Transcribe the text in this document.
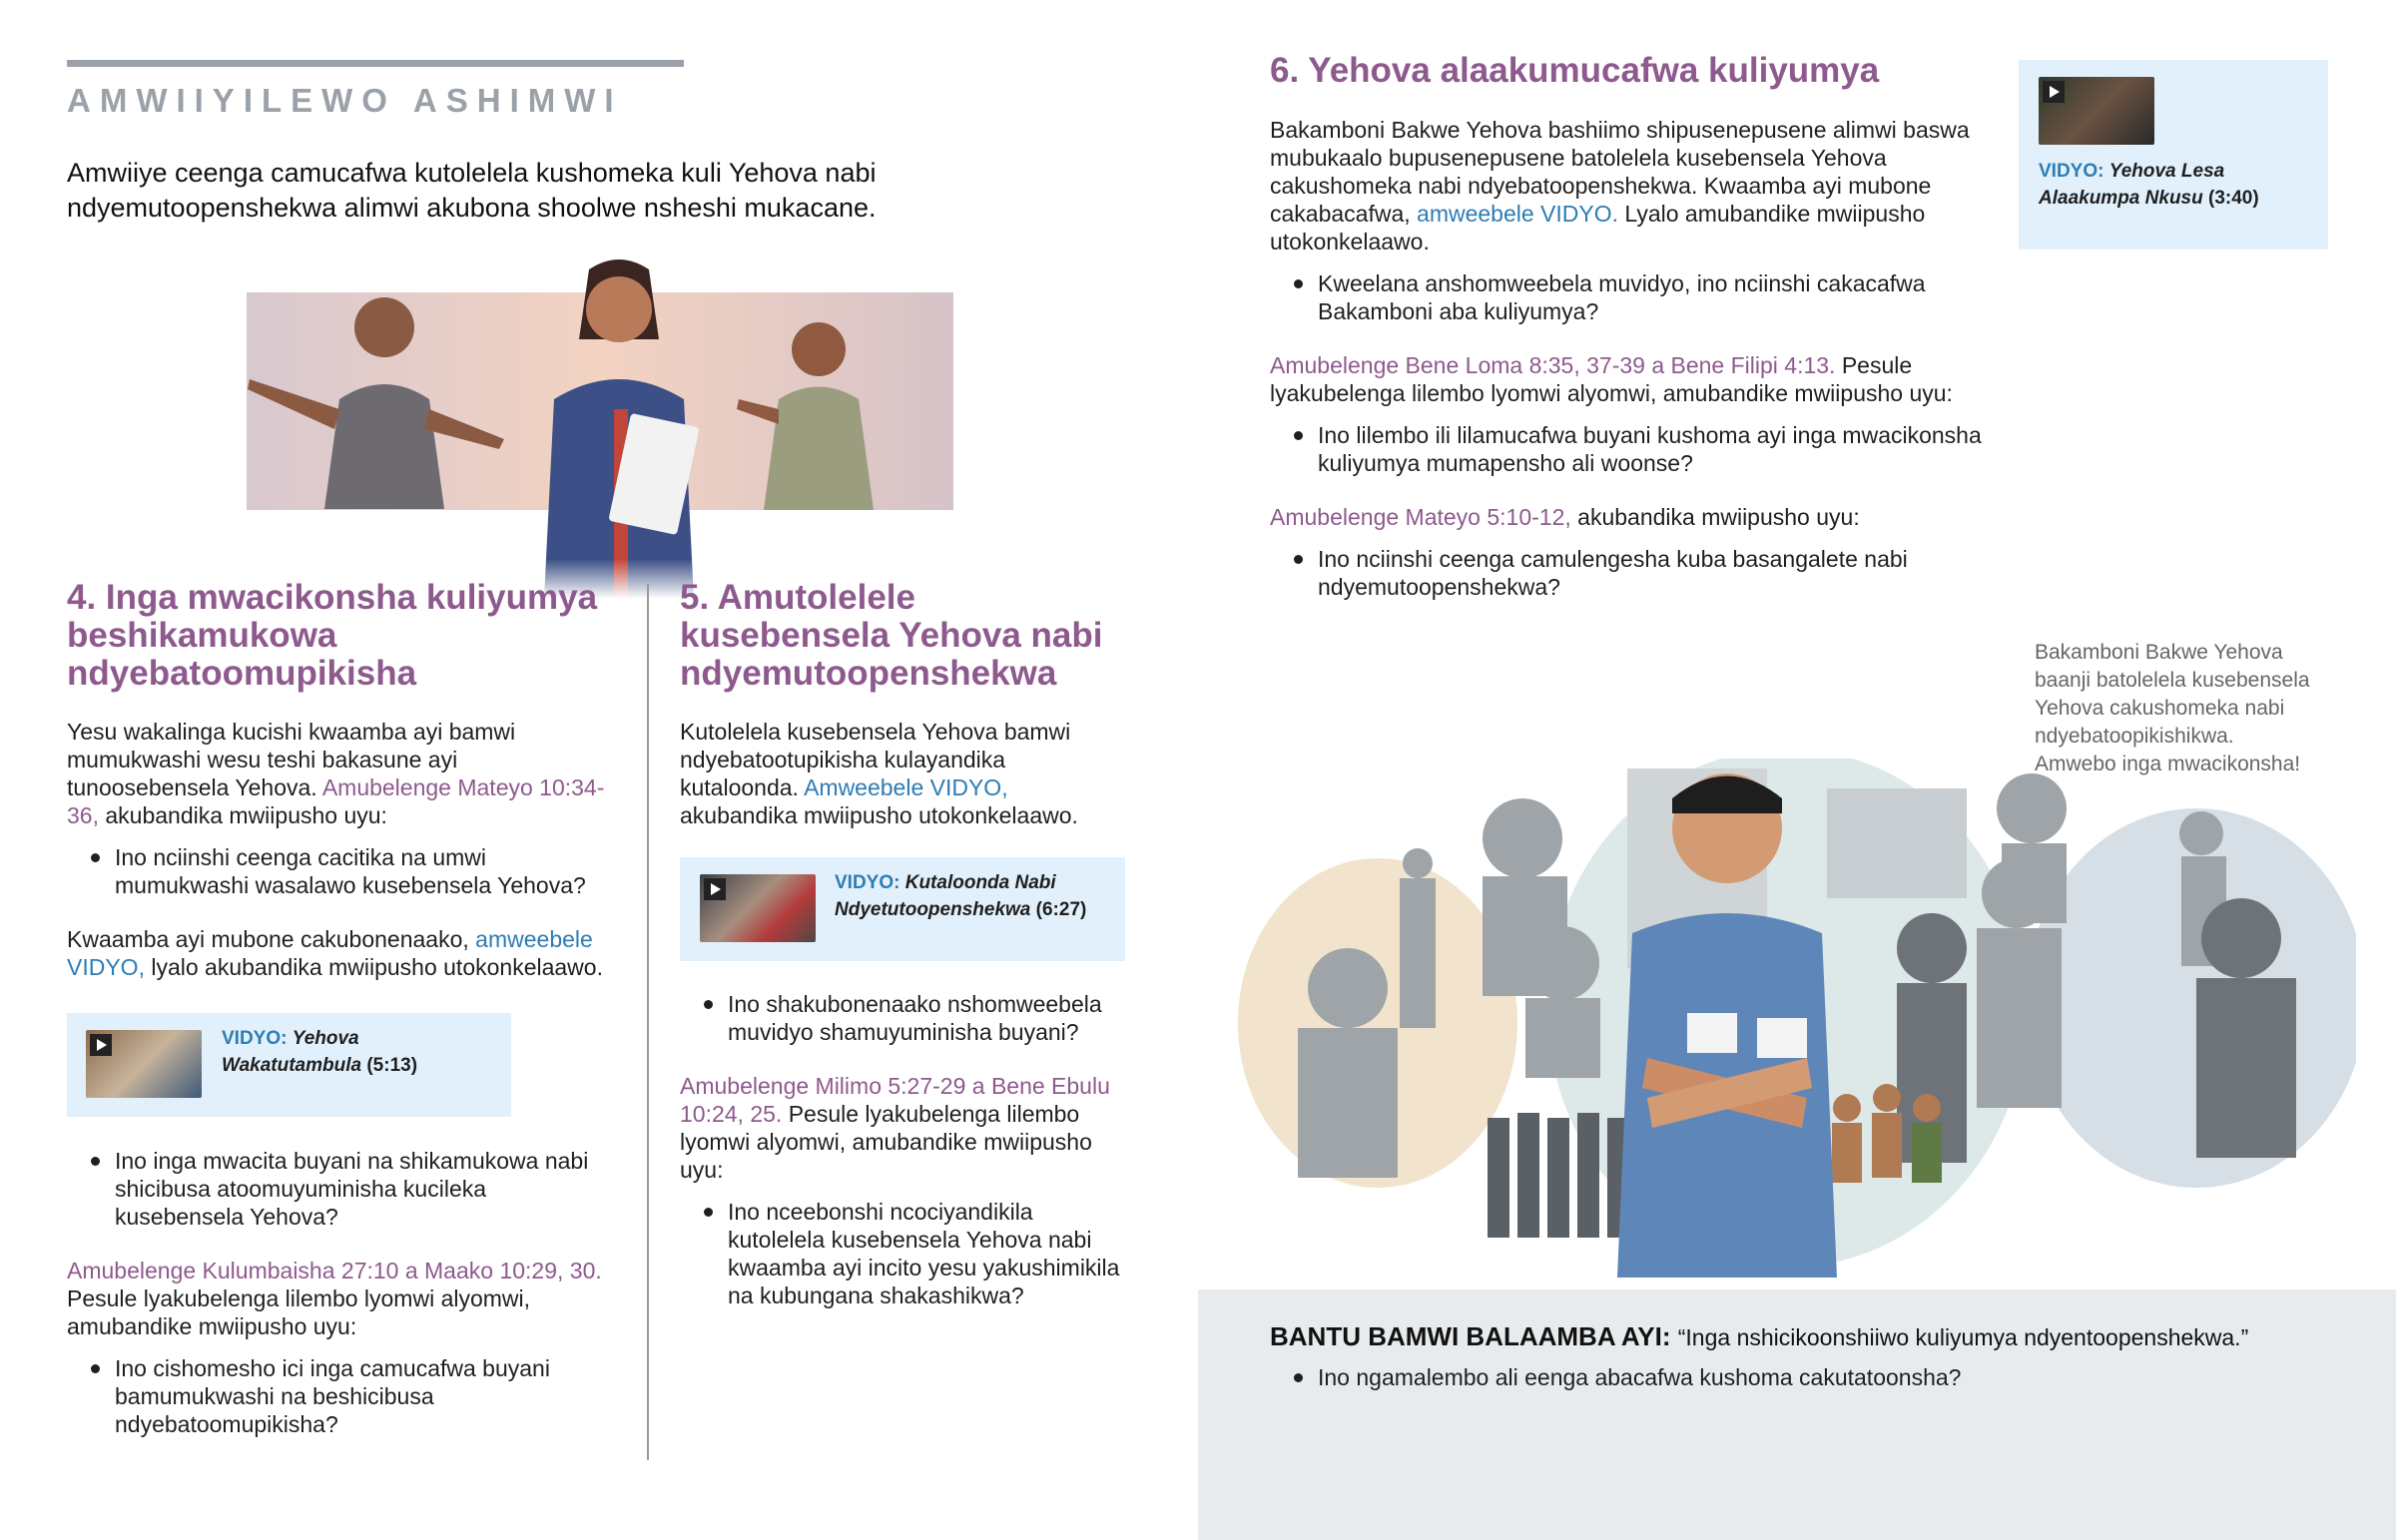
AMWIIYILEWO ASHIMWI
Amwiiye ceenga camucafwa kutolelela kushomeka kuli Yehova nabi ndyemutoopenshekwa alimwi akubona shoolwe nsheshi mukacane.
4. Inga mwacikonsha kuliyumya
beshikamukowa
ndyebatoomupikisha

Yesu wakalinga kucishi kwaamba ayi bamwi mumukwashi wesu teshi bakasune ayi tunoosebensela Yehova. Amubelenge Mateyo 10:34-36, akubandika mwiipusho uyu:

Ino nciinshi ceenga cacitika na umwi mumukwashi wasalawo kusebensela Yehova?

Kwaamba ayi mubone cakubonenaako, amweebele VIDYO, lyalo akubandika mwiipusho utokonkelaawo.

VIDYO: Yehova Wakatutambula (5:13)
Ino inga mwacita buyani na shikamukowa nabi shicibusa atoomuyuminisha kucileka kusebensela Yehova?

Amubelenge Kulumbaisha 27:10 a Maako 10:29, 30. Pesule lyakubelenga lilembo lyomwi alyomwi, amubandike mwiipusho uyu:

Ino cishomesho ici inga camucafwa buyani bamumukwashi na beshicibusa ndyebatoomupikisha?
5. Amutolelele
kusebensela Yehova nabi
ndyemutoopenshekwa

Kutolelela kusebensela Yehova bamwi ndyebatootupikisha kulayandika kutaloonda. Amweebele VIDYO, akubandika mwiipusho utokonkelaawo.

VIDYO: Kutaloonda Nabi Ndyetutoopenshekwa (6:27)
Ino shakubonenaako nshomweebela muvidyo shamuyuminisha buyani?

Amubelenge Milimo 5:27-29 a Bene Ebulu 10:24, 25. Pesule lyakubelenga lilembo lyomwi alyomwi, amubandike mwiipusho uyu:

Ino nceebonshi ncociyandikila kutolelela kusebensela Yehova nabi kwaamba ayi incito yesu yakushimikila na kubungana shakashikwa?
6. Yehova alaakumucafwa kuliyumya

Bakamboni Bakwe Yehova bashiimo shipusenepusene alimwi baswa mubukaalo bupusenepusene batolelela kusebensela Yehova cakushomeka nabi ndyebatoopenshekwa. Kwaamba ayi mubone cakabacafwa, amweebele VIDYO. Lyalo amubandike mwiipusho utokonkelaawo.

Kweelana anshomweebela muvidyo, ino nciinshi cakacafwa Bakamboni aba kuliyumya?

Amubelenge Bene Loma 8:35, 37-39 a Bene Filipi 4:13. Pesule lyakubelenga lilembo lyomwi alyomwi, amubandike mwiipusho uyu:

Ino lilembo ili lilamucafwa buyani kushoma ayi inga mwacikonsha kuliyumya mumapensho ali woonse?

Amubelenge Mateyo 5:10-12, akubandika mwiipusho uyu:

Ino nciinshi ceenga camulengesha kuba basangalete nabi ndyemutoopenshekwa?
VIDYO: Yehova Lesa Alaakumpa Nkusu (3:40)
Bakamboni Bakwe Yehova
baanji batolelela kusebensela
Yehova cakushomeka nabi
ndyebatoopikishikwa.
Amwebo inga mwacikonsha!
BANTU BAMWI BALAAMBA AYI: “Inga nshicikoonshiiwo kuliyumya ndyentoopenshekwa.”
Ino ngamalembo ali eenga abacafwa kushoma cakutatoonsha?
